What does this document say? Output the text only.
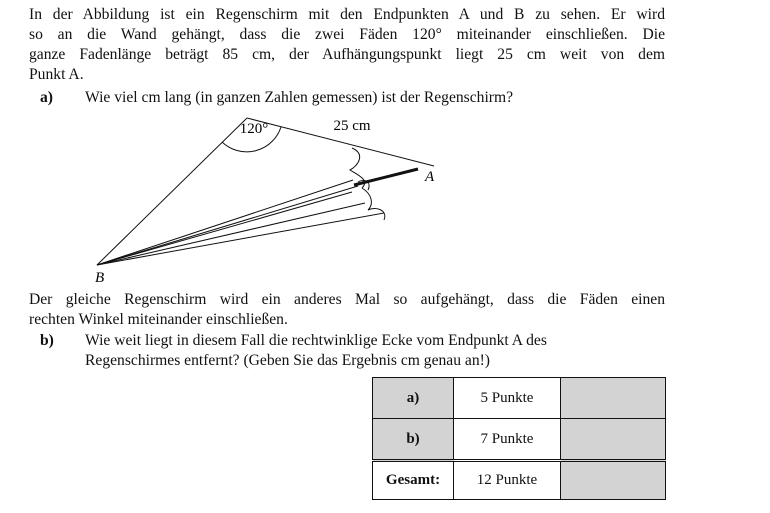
In der Abbildung ist ein Regenschirm mit den Endpunkten A und B zu sehen. Er wird

so an die Wand gehängt, dass die zwei Fäden 120° miteinander einschließen. Die

ganze Fadenlänge beträgt 85 cm, der Aufhängungspunkt liegt 25 cm weit von dem

Punkt A.

a) Wie viel cm lang (in ganzen Zahlen gemessen) ist der Regenschirm?
120°	25 cm
A
B

Der gleiche Regenschirm wird ein anderes Mal so aufgehängt, dass die Fäden einen

rechten Winkel miteinander einschließen.

b) Wie weit liegt in diesem Fall die rechtwinklige Ecke vom Endpunkt A des
Regenschirmes entfernt? (Geben Sie das Ergebnis cm genau an!)
a)	5 Punkte	
b)	7 Punkte	
Gesamt:	12 Punkte	
